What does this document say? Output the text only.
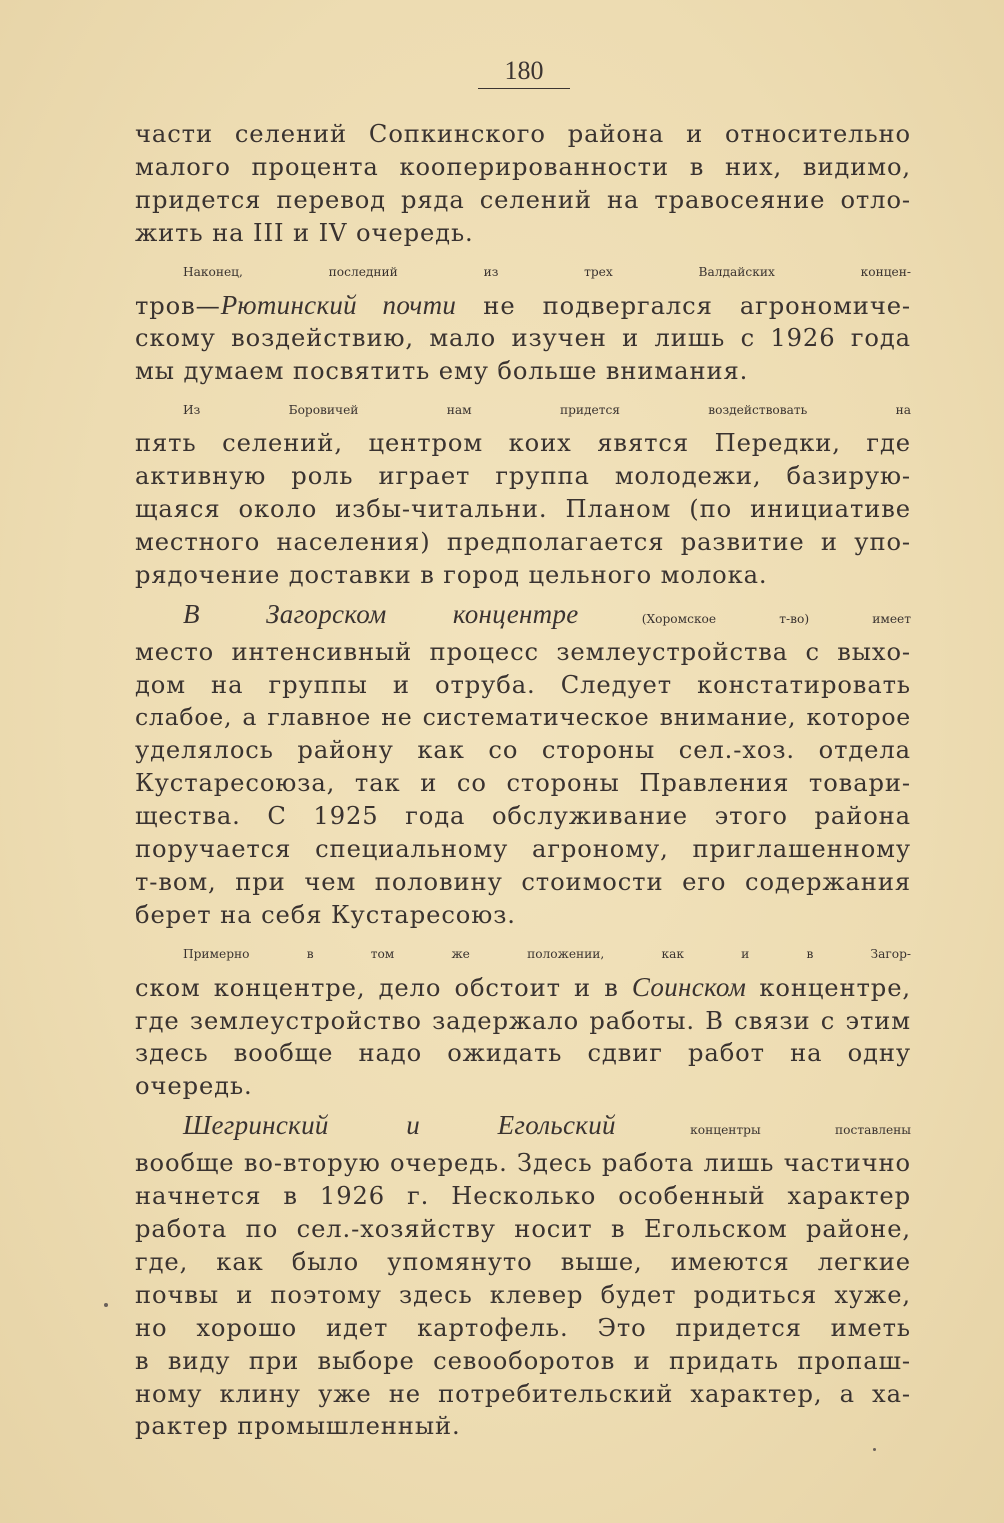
180
части селений Сопкинского района и относительно
малого процента кооперированности в них, видимо,
придется перевод ряда селений на травосеяние отло-
жить на III и IV очередь.
Наконец, последний из трех Валдайских концен-
тров—Рютинский почти не подвергался агрономиче-
скому воздействию, мало изучен и лишь с 1926 года
мы думаем посвятить ему больше внимания.
Из Боровичей нам придется воздействовать на
пять селений, центром коих явятся Передки, где
активную роль играет группа молодежи, базирую-
щаяся около избы-читальни. Планом (по инициативе
местного населения) предполагается развитие и упо-
рядочение доставки в город цельного молока.
В Загорском концентре (Хоромское т-во) имеет
место интенсивный процесс землеустройства с выхо-
дом на группы и отруба. Следует констатировать
слабое, а главное не систематическое внимание, которое
уделялось району как со стороны сел.-хоз. отдела
Кустаресоюза, так и со стороны Правления товари-
щества. С 1925 года обслуживание этого района
поручается специальному агроному, приглашенному
т-вом, при чем половину стоимости его содержания
берет на себя Кустаресоюз.
Примерно в том же положении, как и в Загор-
ском концентре, дело обстоит и в Соинском концентре,
где землеустройство задержало работы. В связи с этим
здесь вообще надо ожидать сдвиг работ на одну
очередь.
Шегринский и Егольский концентры поставлены
вообще во-вторую очередь. Здесь работа лишь частично
начнется в 1926 г. Несколько особенный характер
работа по сел.-хозяйству носит в Егольском районе,
где, как было упомянуто выше, имеются легкие
почвы и поэтому здесь клевер будет родиться хуже,
но хорошо идет картофель. Это придется иметь
в виду при выборе севооборотов и придать пропаш-
ному клину уже не потребительский характер, а ха-
рактер промышленный.
